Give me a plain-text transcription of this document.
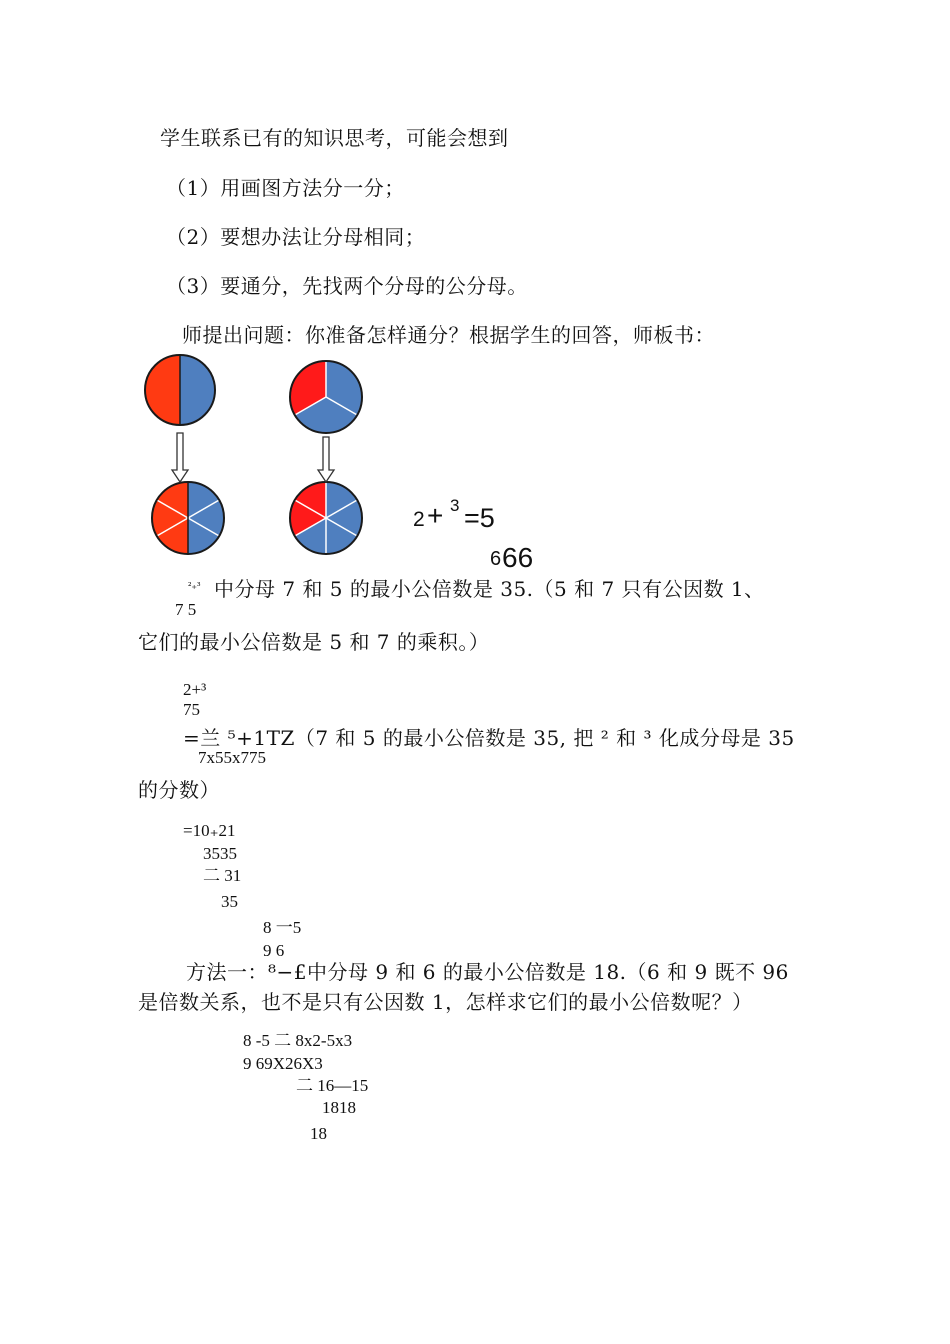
学生联系已有的知识思考，可能会想到
（1）用画图方法分一分；
（2）要想办法让分母相同；
（3）要通分，先找两个分母的公分母。
师提出问题：你准备怎样通分？根据学生的回答，师板书：
2 + 3 =5
6 66
²₊³
7 5
中分母 7 和 5 的最小公倍数是 35.（5 和 7 只有公因数 1、
它们的最小公倍数是 5 和 7 的乘积。）
2+³
75
=兰 ⁵+1TZ（7 和 5 的最小公倍数是 35, 把 ² 和 ³ 化成分母是 35
7x55x775
的分数）
=10₊21
3535
二 31
35
8 一5
9 6
方法一：⁸−£中分母 9 和 6 的最小公倍数是 18.（6 和 9 既不 96
是倍数关系，也不是只有公因数 1，怎样求它们的最小公倍数呢？）
8 -5 二 8x2-5x3
9 69X26X3
二 16—15
1818
18
